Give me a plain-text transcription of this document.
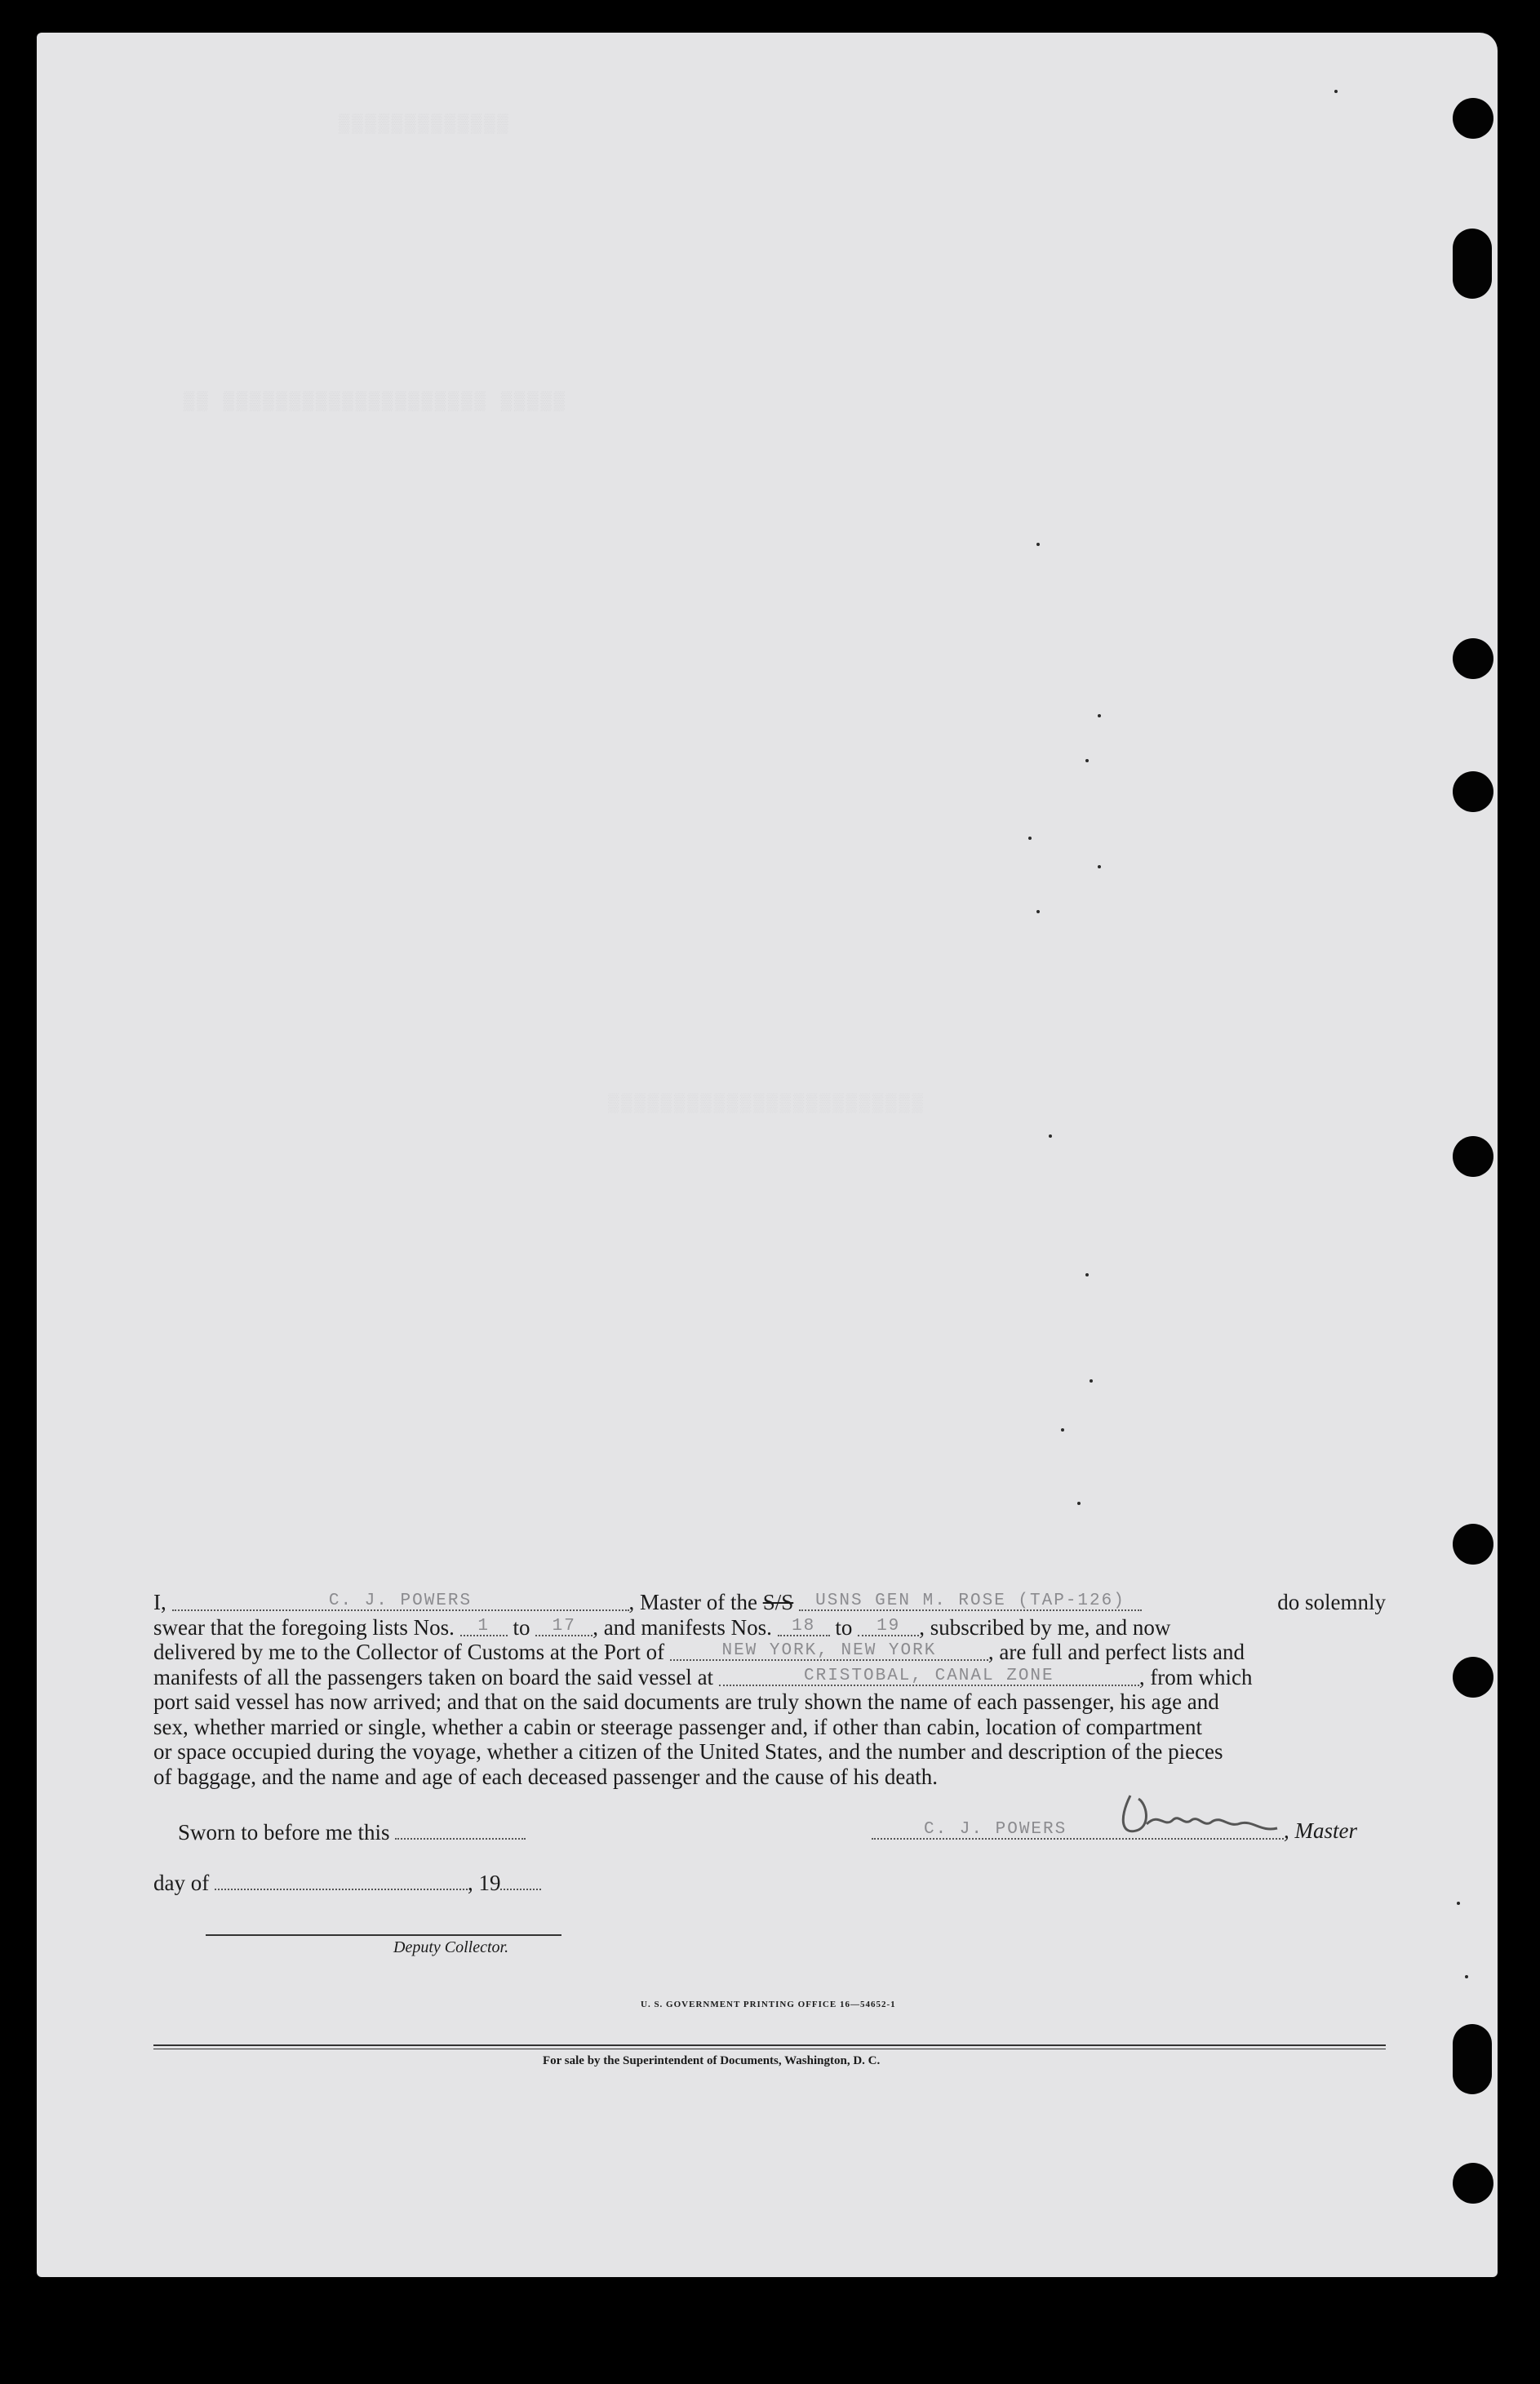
▒▒▒▒▒▒▒▒▒▒▒▒▒
▒▒ ▒▒▒▒▒▒▒▒▒▒▒▒▒▒▒▒▒▒▒▒ ▒▒▒▒▒
▒▒▒▒▒▒▒▒▒▒▒▒▒▒▒▒▒▒▒▒▒▒▒▒
I,	$^{C. J. POWERS}$	, Master of the S/S $^{USNS GEN M. ROSE (TAP-126)}$	do solemnly
swear that the foregoing lists Nos. $^1$ to $^{17}$ , and manifests Nos. $^{18}$ to $^{19}$ , subscribed by me, and now
delivered by me to the Collector of Customs at the Port of	$^{NEW YORK, NEW YORK}$ , are full and perfect lists and
manifests of all the passengers taken on board the said vessel at	$^{CRISTOBAL, CANAL ZONE}$	, from which
port said vessel has now arrived; and that on the said documents are truly shown the name of each passenger, his age and
sex, whether married or single, whether a cabin or steerage passenger and, if other than cabin, location of compartment
or space occupied during the voyage, whether a citizen of the United States, and the number and description of the pieces
of baggage, and the name and age of each deceased passenger and the cause of his death.
Sworn to before me this	$^{C. J. POWERS}$	, Master
day of	, 19
Deputy Collector.
U. S. GOVERNMENT PRINTING OFFICE 16—54652-1
For sale by the Superintendent of Documents, Washington, D. C.
